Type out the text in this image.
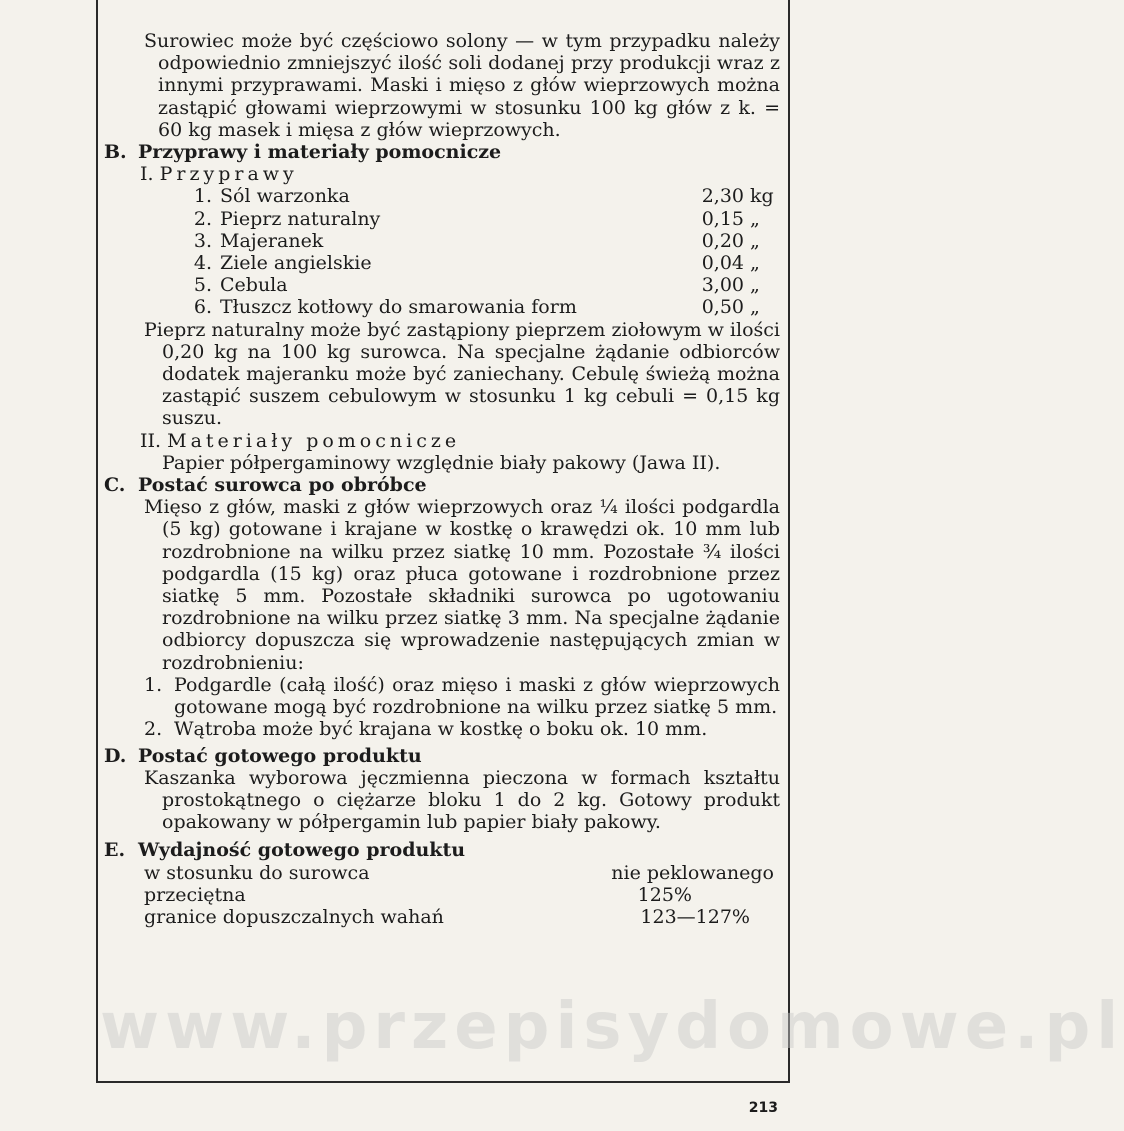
Surowiec może być częściowo solony — w tym przypadku należy odpowiednio zmniejszyć ilość soli dodanej przy produkcji wraz z innymi przyprawami. Maski i mięso z głów wieprzowych można zastąpić głowami wieprzowymi w stosunku 100 kg głów z k. = 60 kg masek i mięsa z głów wieprzowych.

B. Przyprawy i materiały pomocnicze

I. Przyprawy

1. Sól warzonka	2,30 kg
2. Pieprz naturalny	0,15 „
3. Majeranek	0,20 „
4. Ziele angielskie	0,04 „
5. Cebula	3,00 „
6. Tłuszcz kotłowy do smarowania form	0,50 „

Pieprz naturalny może być zastąpiony pieprzem ziołowym w ilości 0,20 kg na 100 kg surowca. Na specjalne żądanie odbiorców dodatek majeranku może być zaniechany. Cebulę świeżą można zastąpić suszem cebulowym w stosunku 1 kg cebuli = 0,15 kg suszu.

II. Materiały pomocnicze

Papier półpergaminowy względnie biały pakowy (Jawa II).

C. Postać surowca po obróbce

Mięso z głów, maski z głów wieprzowych oraz ¼ ilości podgardla (5 kg) gotowane i krajane w kostkę o krawędzi ok. 10 mm lub rozdrobnione na wilku przez siatkę 10 mm. Pozostałe ¾ ilości podgardla (15 kg) oraz płuca gotowane i rozdrobnione przez siatkę 5 mm. Pozostałe składniki surowca po ugotowaniu rozdrobnione na wilku przez siatkę 3 mm. Na specjalne żądanie odbiorcy dopuszcza się wprowadzenie następujących zmian w rozdrobnieniu:

1. Podgardle (całą ilość) oraz mięso i maski z głów wieprzowych gotowane mogą być rozdrobnione na wilku przez siatkę 5 mm.
2. Wątroba może być krajana w kostkę o boku ok. 10 mm.

D. Postać gotowego produktu

Kaszanka wyborowa jęczmienna pieczona w formach kształtu prostokątnego o ciężarze bloku 1 do 2 kg. Gotowy produkt opakowany w półpergamin lub papier biały pakowy.

E. Wydajność gotowego produktu

w stosunku do surowca	nie peklowanego
przeciętna	125%
granice dopuszczalnych wahań	123—127%
www.przepisydomowe.pl
213
